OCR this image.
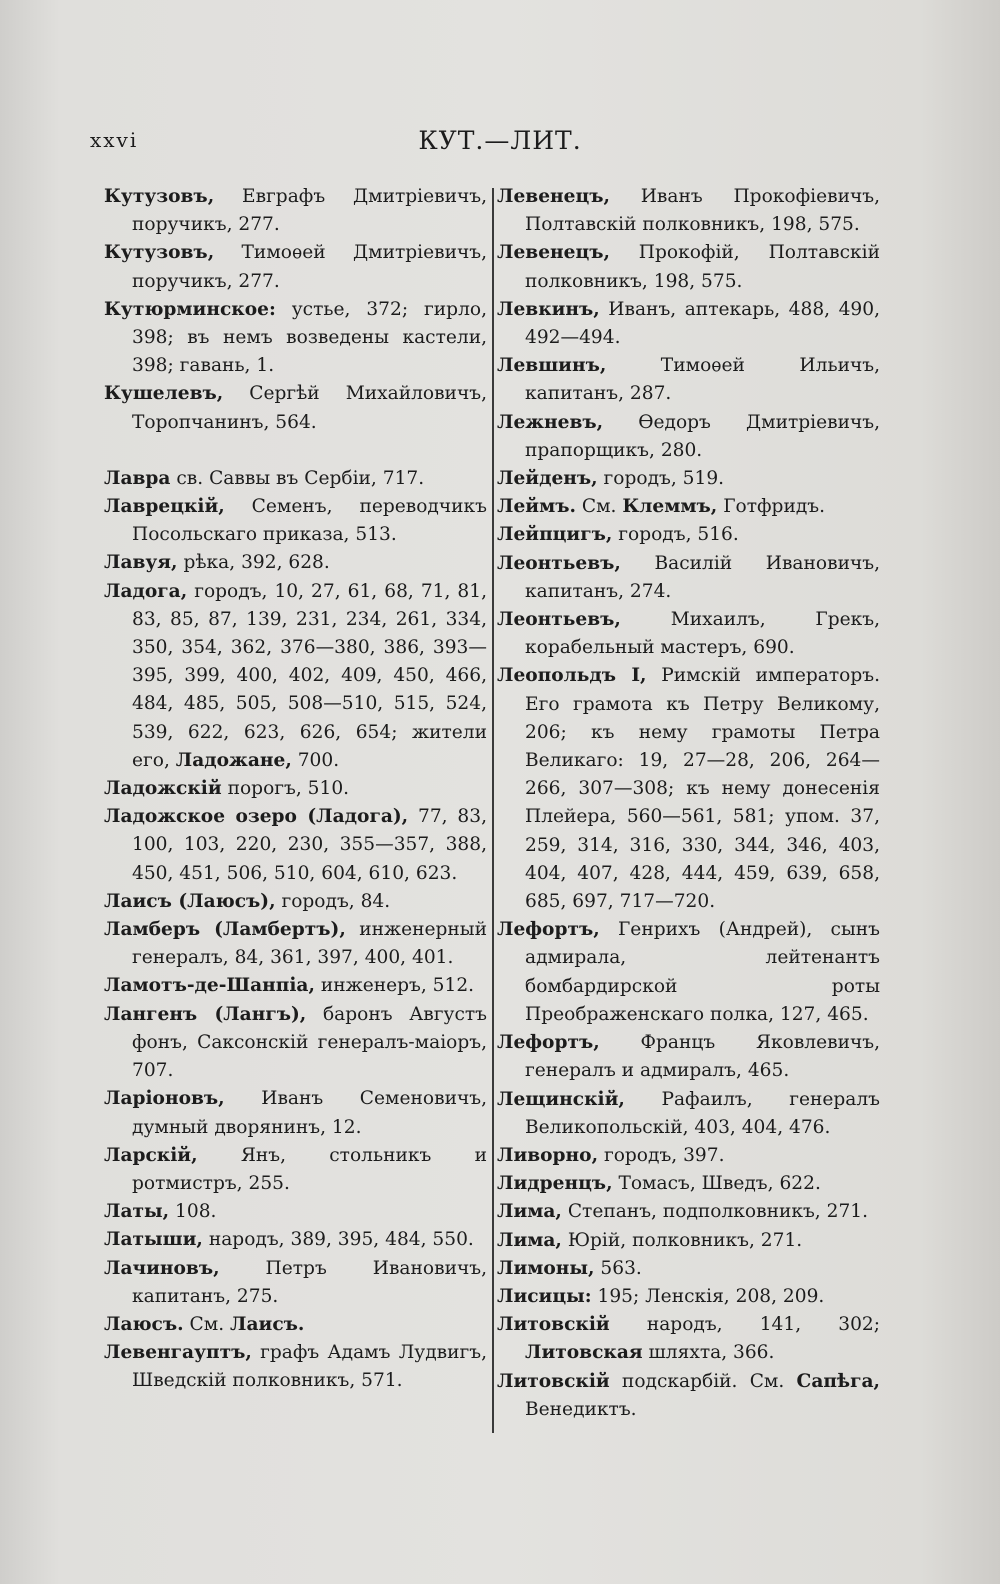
xxvi	КУТ.—ЛИТ.

Кутузовъ, Евграфъ Дмитріевичъ, поручикъ, 277.

Кутузовъ, Тимоѳей Дмитріевичъ, поручикъ, 277.

Кутюрминское: устье, 372; гирло, 398; въ немъ возведены кастели, 398; гавань, 1.

Кушелевъ, Сергѣй Михайловичъ, Торопчанинъ, 564.

Лавра св. Саввы въ Сербіи, 717.

Лаврецкій, Семенъ, переводчикъ Посольскаго приказа, 513.

Лавуя, рѣка, 392, 628.

Ладога, городъ, 10, 27, 61, 68, 71, 81, 83, 85, 87, 139, 231, 234, 261, 334, 350, 354, 362, 376—380, 386, 393—395, 399, 400, 402, 409, 450, 466, 484, 485, 505, 508—510, 515, 524, 539, 622, 623, 626, 654; жители его, Ладожане, 700.

Ладожскій порогъ, 510.

Ладожское озеро (Ладога), 77, 83, 100, 103, 220, 230, 355—357, 388, 450, 451, 506, 510, 604, 610, 623.

Лаисъ (Лаюсъ), городъ, 84.

Ламберъ (Ламбертъ), инженерный генералъ, 84, 361, 397, 400, 401.

Ламотъ-де-Шанпіа, инженеръ, 512.

Лангенъ (Лангъ), баронъ Августъ фонъ, Саксонскій генералъ-маіоръ, 707.

Ларіоновъ, Иванъ Семеновичъ, думный дворянинъ, 12.

Ларскій, Янъ, стольникъ и ротмистръ, 255.

Латы, 108.

Латыши, народъ, 389, 395, 484, 550.

Лачиновъ, Петръ Ивановичъ, капитанъ, 275.

Лаюсъ. См. Лаисъ.

Левенгауптъ, графъ Адамъ Лудвигъ, Шведскій полковникъ, 571.

Левенецъ, Иванъ Прокофіевичъ, Полтавскій полковникъ, 198, 575.

Левенецъ, Прокофій, Полтавскій полковникъ, 198, 575.

Левкинъ, Иванъ, аптекарь, 488, 490, 492—494.

Левшинъ, Тимоѳей Ильичъ, капитанъ, 287.

Лежневъ, Ѳедоръ Дмитріевичъ, прапорщикъ, 280.

Лейденъ, городъ, 519.

Леймъ. См. Клеммъ, Готфридъ.

Лейпцигъ, городъ, 516.

Леонтьевъ, Василій Ивановичъ, капитанъ, 274.

Леонтьевъ, Михаилъ, Грекъ, корабельный мастеръ, 690.

Леопольдъ I, Римскій императоръ. Его грамота къ Петру Великому, 206; къ нему грамоты Петра Великаго: 19, 27—28, 206, 264—266, 307—308; къ нему донесенія Плейера, 560—561, 581; упом. 37, 259, 314, 316, 330, 344, 346, 403, 404, 407, 428, 444, 459, 639, 658, 685, 697, 717—720.

Лефортъ, Генрихъ (Андрей), сынъ адмирала, лейтенантъ бомбардирской роты Преображенскаго полка, 127, 465.

Лефортъ, Францъ Яковлевичъ, генералъ и адмиралъ, 465.

Лещинскій, Рафаилъ, генералъ Великопольскій, 403, 404, 476.

Ливорно, городъ, 397.

Лидренцъ, Томасъ, Шведъ, 622.

Лима, Степанъ, подполковникъ, 271.

Лима, Юрій, полковникъ, 271.

Лимоны, 563.

Лисицы: 195; Ленскія, 208, 209.

Литовскій народъ, 141, 302; Литовская шляхта, 366.

Литовскій подскарбій. См. Сапѣга, Венедиктъ.
